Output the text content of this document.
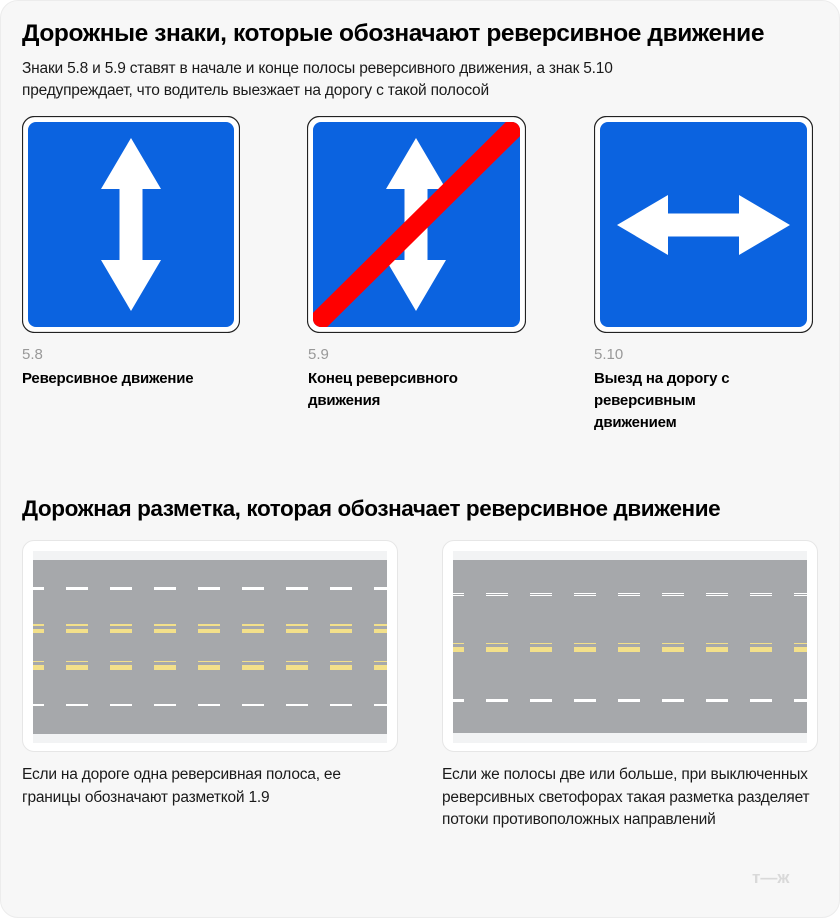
Дорожные знаки, которые обозначают реверсивное движение
Знаки 5.8 и 5.9 ставят в начале и конце полосы реверсивного движения, а знак 5.10 предупреждает, что водитель выезжает на дорогу с такой полосой
5.8
Реверсивное движение
5.9
Конец реверсивного движения
5.10
Выезд на дорогу с реверсивным движением
Дорожная разметка, которая обозначает реверсивное движение
Если на дороге одна реверсивная полоса, ее границы обозначают разметкой 1.9
Если же полосы две или больше, при выключенных реверсивных светофорах такая разметка разделяет потоки противоположных направлений
т—ж
